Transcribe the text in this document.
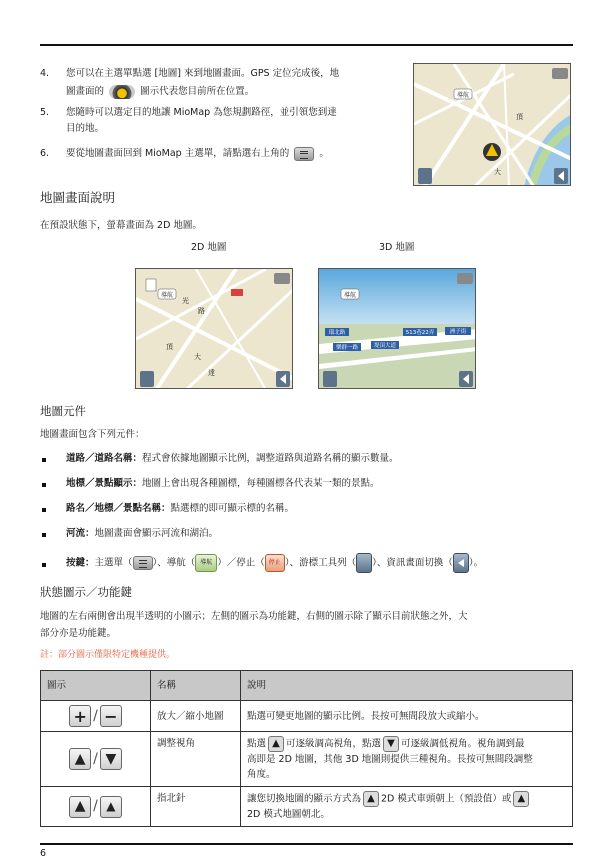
4. 您可以在主選單點選 [地圖] 來到地圖畫面。GPS 定位完成後，地
圖畫面的	圖示代表您目前所在位置。
5. 您隨時可以選定目的地讓 MioMap 為您規劃路徑，並引領您到達
目的地。
6. 要從地圖畫面回到 MioMap 主選單，請點選右上角的	。
導航
頂
大
地圖畫面說明
在預設狀態下，螢幕畫面為 2D 地圖。
2D 地圖	3D 地圖
導航
光
路
頂
大
達
導航
環北路	513巷22弄	洲子街
樂群一路	堤頂大道
地圖元件
地圖畫面包含下列元件：
道路／道路名稱：程式會依據地圖顯示比例，調整道路與道路名稱的顯示數量。
地標／景點顯示：地圖上會出現各種圖標，每種圖標各代表某一類的景點。
路名／地標／景點名稱：點選標的即可顯示標的名稱。
河流：地圖畫面會顯示河流和湖泊。
按鍵：主選單（ ）、導航（ 導航 ）／停止（ 停止 ）、游標工具列（ ）、資訊畫面切換（ ）。
狀態圖示／功能鍵
地圖的左右兩側會出現半透明的小圖示；左側的圖示為功能鍵，右側的圖示除了顯示目前狀態之外，大
部分亦是功能鍵。
註：部分圖示僅限特定機種提供。
圖示	名稱	說明

+ / −	放大／縮小地圖	點選可變更地圖的顯示比例。長按可無間段放大或縮小。

▲ / ▼	調整視角	點選 ▲ 可逐級調高視角，點選 ▼ 可逐級調低視角。視角調到最
高即是 2D 地圖，其他 3D 地圖則提供三種視角。長按可無間段調整
角度。

▲ / ▲	指北針	讓您切換地圖的顯示方式為 ▲ 2D 模式車頭朝上（預設值）或 ▲
2D 模式地圖朝北。
6
